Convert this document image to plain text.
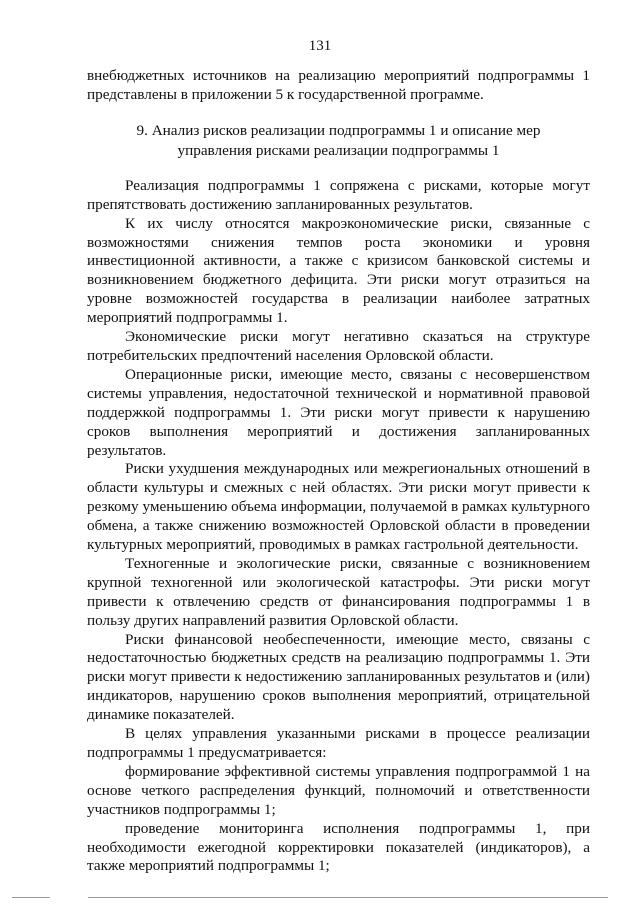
131

внебюджетных источников на реализацию мероприятий подпрограммы 1 представлены в приложении 5 к государственной программе.

9. Анализ рисков реализации подпрограммы 1 и описание мер управления рисками реализации подпрограммы 1

Реализация подпрограммы 1 сопряжена с рисками, которые могут препятствовать достижению запланированных результатов.

К их числу относятся макроэкономические риски, связанные с возможностями снижения темпов роста экономики и уровня инвестиционной активности, а также с кризисом банковской системы и возникновением бюджетного дефицита. Эти риски могут отразиться на уровне возможностей государства в реализации наиболее затратных мероприятий подпрограммы 1.

Экономические риски могут негативно сказаться на структуре потребительских предпочтений населения Орловской области.

Операционные риски, имеющие место, связаны с несовершенством системы управления, недостаточной технической и нормативной правовой поддержкой подпрограммы 1. Эти риски могут привести к нарушению сроков выполнения мероприятий и достижения запланированных результатов.

Риски ухудшения международных или межрегиональных отношений в области культуры и смежных с ней областях. Эти риски могут привести к резкому уменьшению объема информации, получаемой в рамках культурного обмена, а также снижению возможностей Орловской области в проведении культурных мероприятий, проводимых в рамках гастрольной деятельности.

Техногенные и экологические риски, связанные с возникновением крупной техногенной или экологической катастрофы. Эти риски могут привести к отвлечению средств от финансирования подпрограммы 1 в пользу других направлений развития Орловской области.

Риски финансовой необеспеченности, имеющие место, связаны с недостаточностью бюджетных средств на реализацию подпрограммы 1. Эти риски могут привести к недостижению запланированных результатов и (или) индикаторов, нарушению сроков выполнения мероприятий, отрицательной динамике показателей.

В целях управления указанными рисками в процессе реализации подпрограммы 1 предусматривается:

формирование эффективной системы управления подпрограммой 1 на основе четкого распределения функций, полномочий и ответственности участников подпрограммы 1;

проведение мониторинга исполнения подпрограммы 1, при необходимости ежегодной корректировки показателей (индикаторов), а также мероприятий подпрограммы 1;
